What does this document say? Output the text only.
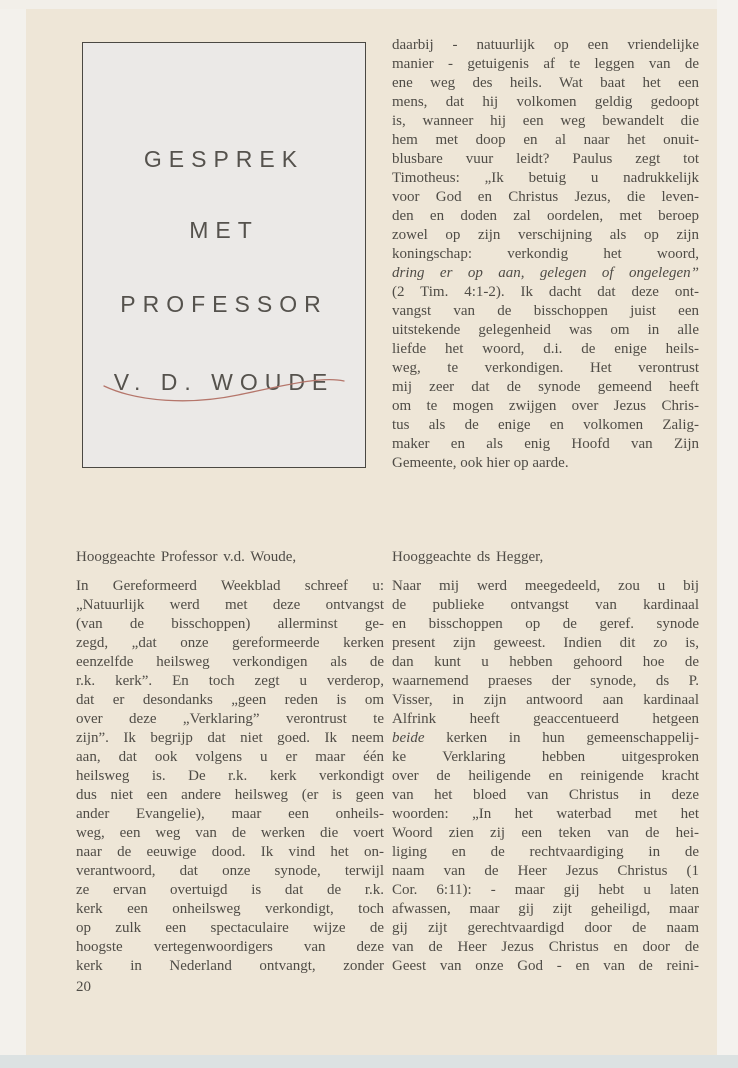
GESPREK
MET
PROFESSOR
V. D. WOUDE
daarbij - natuurlijk op een vriendelijke
manier - getuigenis af te leggen van de
ene weg des heils. Wat baat het een
mens, dat hij volkomen geldig gedoopt
is, wanneer hij een weg bewandelt die
hem met doop en al naar het onuit-
blusbare vuur leidt? Paulus zegt tot
Timotheus: „Ik betuig u nadrukkelijk
voor God en Christus Jezus, die leven-
den en doden zal oordelen, met beroep
zowel op zijn verschijning als op zijn
koningschap: verkondig het woord,
dring er op aan, gelegen of ongelegen”
(2 Tim. 4:1-2). Ik dacht dat deze ont-
vangst van de bisschoppen juist een
uitstekende gelegenheid was om in alle
liefde het woord, d.i. de enige heils-
weg, te verkondigen. Het verontrust
mij zeer dat de synode gemeend heeft
om te mogen zwijgen over Jezus Chris-
tus als de enige en volkomen Zalig-
maker en als enig Hoofd van Zijn
Gemeente, ook hier op aarde.
Hooggeachte Professor v.d. Woude,	Hooggeachte ds Hegger,
In Gereformeerd Weekblad schreef u:
„Natuurlijk werd met deze ontvangst
(van de bisschoppen) allerminst ge-
zegd, „dat onze gereformeerde kerken
eenzelfde heilsweg verkondigen als de
r.k. kerk”. En toch zegt u verderop,
dat er desondanks „geen reden is om
over deze „Verklaring” verontrust te
zijn”. Ik begrijp dat niet goed. Ik neem
aan, dat ook volgens u er maar één
heilsweg is. De r.k. kerk verkondigt
dus niet een andere heilsweg (er is geen
ander Evangelie), maar een onheils-
weg, een weg van de werken die voert
naar de eeuwige dood. Ik vind het on-
verantwoord, dat onze synode, terwijl
ze ervan overtuigd is dat de r.k.
kerk een onheilsweg verkondigt, toch
op zulk een spectaculaire wijze de
hoogste vertegenwoordigers van deze
kerk in Nederland ontvangt, zonder
Naar mij werd meegedeeld, zou u bij
de publieke ontvangst van kardinaal
en bisschoppen op de geref. synode
present zijn geweest. Indien dit zo is,
dan kunt u hebben gehoord hoe de
waarnemend praeses der synode, ds P.
Visser, in zijn antwoord aan kardinaal
Alfrink heeft geaccentueerd hetgeen
beide kerken in hun gemeenschappelij-
ke Verklaring hebben uitgesproken
over de heiligende en reinigende kracht
van het bloed van Christus in deze
woorden: „In het waterbad met het
Woord zien zij een teken van de hei-
liging en de rechtvaardiging in de
naam van de Heer Jezus Christus (1
Cor. 6:11): - maar gij hebt u laten
afwassen, maar gij zijt geheiligd, maar
gij zijt gerechtvaardigd door de naam
van de Heer Jezus Christus en door de
Geest van onze God - en van de reini-
20
